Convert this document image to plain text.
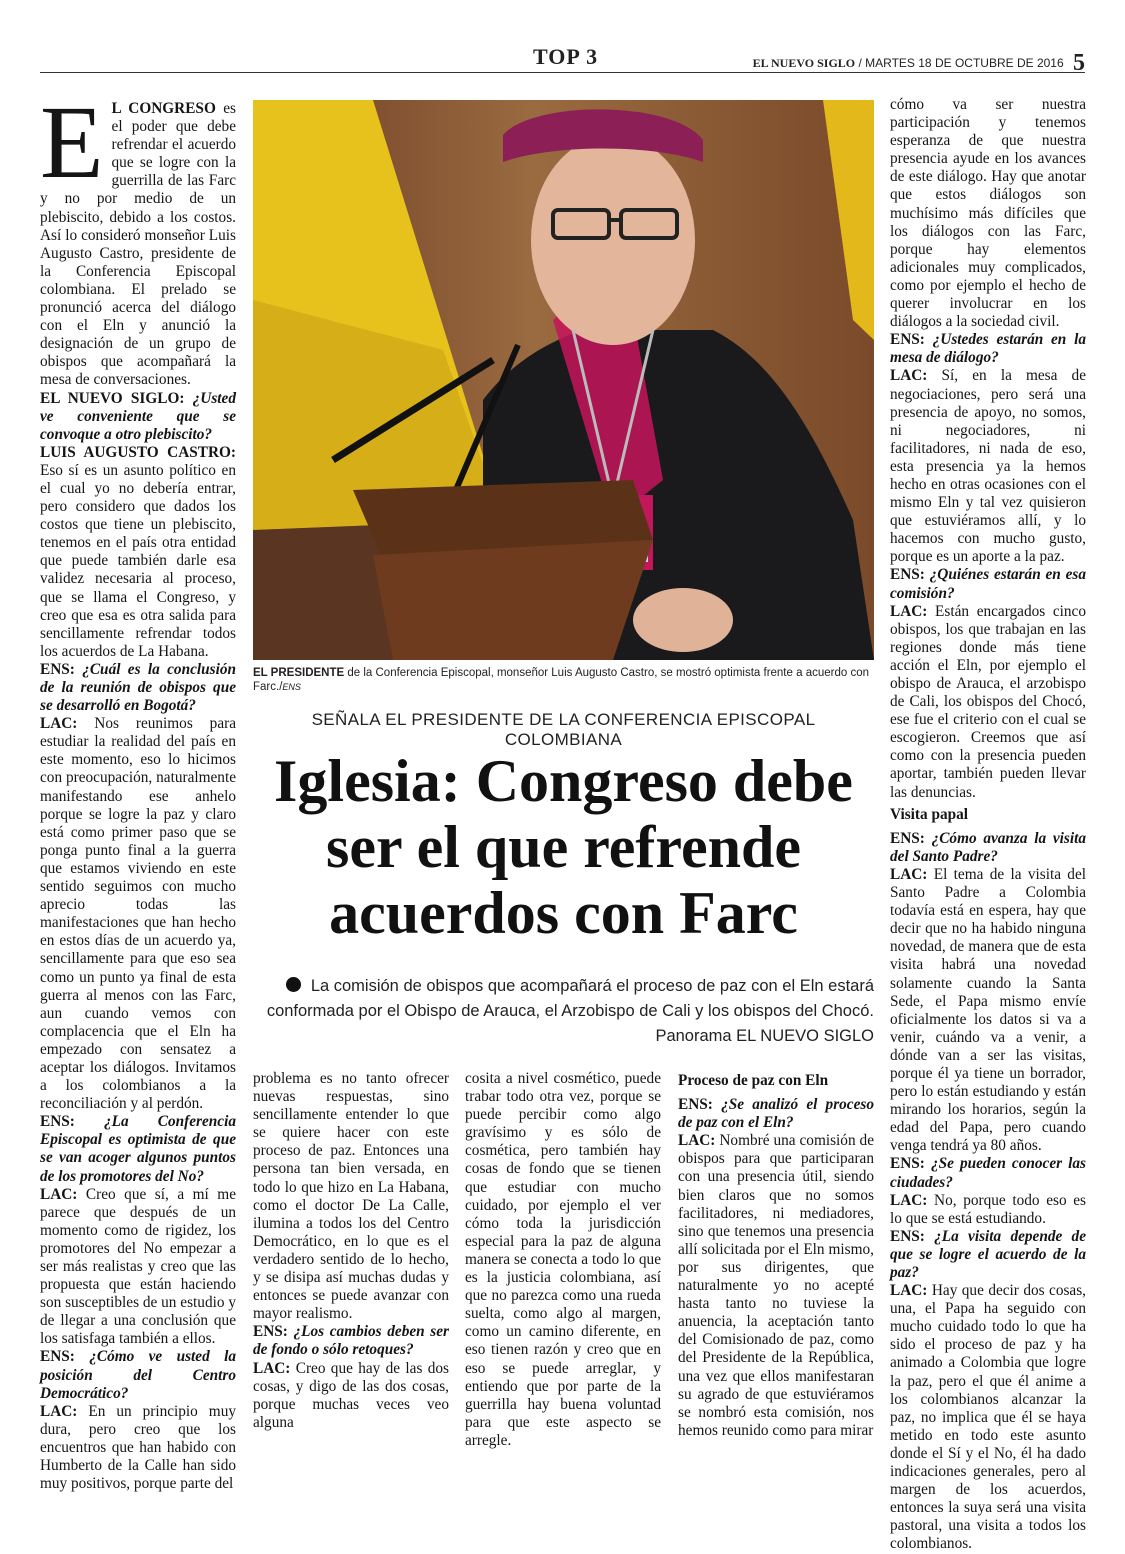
TOP 3	EL NUEVO SIGLO / MARTES 18 DE OCTUBRE DE 2016 5
E L CONGRESO es el poder que debe refrendar el acuerdo que se logre con la guerrilla de las Farc y no por medio de un plebiscito, debido a los costos. Así lo consideró monseñor Luis Augusto Castro, presidente de la Conferencia Episcopal colombiana. El prelado se pronunció acerca del diálogo con el Eln y anunció la designación de un grupo de obispos que acompañará la mesa de conversaciones.

EL NUEVO SIGLO: ¿Usted ve conveniente que se convoque a otro plebiscito?

LUIS AUGUSTO CASTRO: Eso sí es un asunto político en el cual yo no debería entrar, pero considero que dados los costos que tiene un plebiscito, tenemos en el país otra entidad que puede también darle esa validez necesaria al proceso, que se llama el Congreso, y creo que esa es otra salida para sencillamente refrendar todos los acuerdos de La Habana.

ENS: ¿Cuál es la conclusión de la reunión de obispos que se desarrolló en Bogotá?

LAC: Nos reunimos para estudiar la realidad del país en este momento, eso lo hicimos con preocupación, naturalmente manifestando ese anhelo porque se logre la paz y claro está como primer paso que se ponga punto final a la guerra que estamos viviendo en este sentido seguimos con mucho aprecio todas las manifestaciones que han hecho en estos días de un acuerdo ya, sencillamente para que eso sea como un punto ya final de esta guerra al menos con las Farc, aun cuando vemos con complacencia que el Eln ha empezado con sensatez a aceptar los diálogos. Invitamos a los colombianos a la reconciliación y al perdón.

ENS: ¿La Conferencia Episcopal es optimista de que se van acoger algunos puntos de los promotores del No?

LAC: Creo que sí, a mí me parece que después de un momento como de rigidez, los promotores del No empezar a ser más realistas y creo que las propuesta que están haciendo son susceptibles de un estudio y de llegar a una conclusión que los satisfaga también a ellos.

ENS: ¿Cómo ve usted la posición del Centro Democrático?

LAC: En un principio muy dura, pero creo que los encuentros que han habido con Humberto de la Calle han sido muy positivos, porque parte del

EL PRESIDENTE de la Conferencia Episcopal, monseñor Luis Augusto Castro, se mostró optimista frente a acuerdo con Farc./ENS
SEÑALA EL PRESIDENTE DE LA CONFERENCIA EPISCOPAL COLOMBIANA
Iglesia: Congreso debe ser el que refrende acuerdos con Farc
La comisión de obispos que acompañará el proceso de paz con el Eln estará conformada por el Obispo de Arauca, el Arzobispo de Cali y los obispos del Chocó. Panorama EL NUEVO SIGLO

problema es no tanto ofrecer nuevas respuestas, sino sencillamente entender lo que se quiere hacer con este proceso de paz. Entonces una persona tan bien versada, en todo lo que hizo en La Habana, como el doctor De La Calle, ilumina a todos los del Centro Democrático, en lo que es el verdadero sentido de lo hecho, y se disipa así muchas dudas y entonces se puede avanzar con mayor realismo.

ENS: ¿Los cambios deben ser de fondo o sólo retoques?

LAC: Creo que hay de las dos cosas, y digo de las dos cosas, porque muchas veces veo alguna

cosita a nivel cosmético, puede trabar todo otra vez, porque se puede percibir como algo gravísimo y es sólo de cosmética, pero también hay cosas de fondo que se tienen que estudiar con mucho cuidado, por ejemplo el ver cómo toda la jurisdicción especial para la paz de alguna manera se conecta a todo lo que es la justicia colombiana, así que no parezca como una rueda suelta, como algo al margen, como un camino diferente, en eso tienen razón y creo que en eso se puede arreglar, y entiendo que por parte de la guerrilla hay buena voluntad para que este aspecto se arregle.

Proceso de paz con Eln

ENS: ¿Se analizó el proceso de paz con el Eln?

LAC: Nombré una comisión de obispos para que participaran con una presencia útil, siendo bien claros que no somos facilitadores, ni mediadores, sino que tenemos una presencia allí solicitada por el Eln mismo, por sus dirigentes, que naturalmente yo no acepté hasta tanto no tuviese la anuencia, la aceptación tanto del Comisionado de paz, como del Presidente de la República, una vez que ellos manifestaran su agrado de que estuviéramos se nombró esta comisión, nos hemos reunido como para mirar

cómo va ser nuestra participación y tenemos esperanza de que nuestra presencia ayude en los avances de este diálogo. Hay que anotar que estos diálogos son muchísimo más difíciles que los diálogos con las Farc, porque hay elementos adicionales muy complicados, como por ejemplo el hecho de querer involucrar en los diálogos a la sociedad civil.

ENS: ¿Ustedes estarán en la mesa de diálogo?

LAC: Sí, en la mesa de negociaciones, pero será una presencia de apoyo, no somos, ni negociadores, ni facilitadores, ni nada de eso, esta presencia ya la hemos hecho en otras ocasiones con el mismo Eln y tal vez quisieron que estuviéramos allí, y lo hacemos con mucho gusto, porque es un aporte a la paz.

ENS: ¿Quiénes estarán en esa comisión?

LAC: Están encargados cinco obispos, los que trabajan en las regiones donde más tiene acción el Eln, por ejemplo el obispo de Arauca, el arzobispo de Cali, los obispos del Chocó, ese fue el criterio con el cual se escogieron. Creemos que así como con la presencia pueden aportar, también pueden llevar las denuncias.

Visita papal

ENS: ¿Cómo avanza la visita del Santo Padre?

LAC: El tema de la visita del Santo Padre a Colombia todavía está en espera, hay que decir que no ha habido ninguna novedad, de manera que de esta visita habrá una novedad solamente cuando la Santa Sede, el Papa mismo envíe oficialmente los datos si va a venir, cuándo va a venir, a dónde van a ser las visitas, porque él ya tiene un borrador, pero lo están estudiando y están mirando los horarios, según la edad del Papa, pero cuando venga tendrá ya 80 años.

ENS: ¿Se pueden conocer las ciudades?

LAC: No, porque todo eso es lo que se está estudiando.

ENS: ¿La visita depende de que se logre el acuerdo de la paz?

LAC: Hay que decir dos cosas, una, el Papa ha seguido con mucho cuidado todo lo que ha sido el proceso de paz y ha animado a Colombia que logre la paz, pero el que él anime a los colombianos alcanzar la paz, no implica que él se haya metido en todo este asunto donde el Sí y el No, él ha dado indicaciones generales, pero al margen de los acuerdos, entonces la suya será una visita pastoral, una visita a todos los colombianos.
